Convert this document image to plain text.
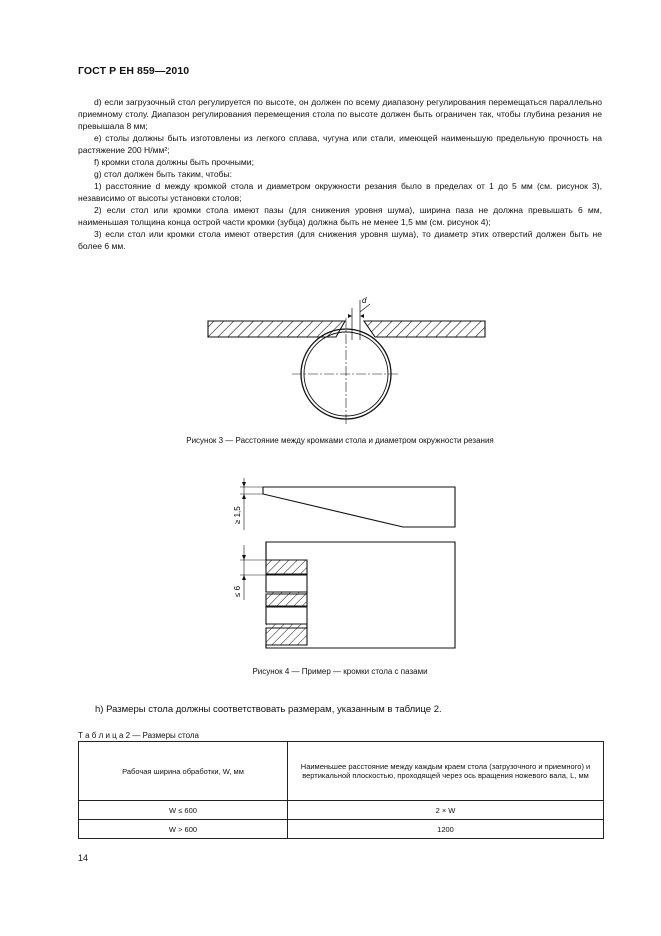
ГОСТ Р ЕН 859—2010

d) если загрузочный стол регулируется по высоте, он должен по всему диапазону регулирования перемещаться параллельно приемному столу. Диапазон регулирования перемещения стола по высоте должен быть ограничен так, чтобы глубина резания не превышала 8 мм;

e) столы должны быть изготовлены из легкого сплава, чугуна или стали, имеющей наименьшую предельную прочность на растяжение 200 Н/мм²;

f) кромки стола должны быть прочными;

g) стол должен быть таким, чтобы:

1) расстояние d между кромкой стола и диаметром окружности резания было в пределах от 1 до 5 мм (см. рисунок 3), независимо от высоты установки столов;

2) если стол или кромки стола имеют пазы (для снижения уровня шума), ширина паза не должна превышать 6 мм, наименьшая толщина конца острой части кромки (зубца) должна быть не менее 1,5 мм (см. рисунок 4);

3) если стол или кромки стола имеют отверстия (для снижения уровня шума), то диаметр этих отверстий должен быть не более 6 мм.

d
Рисунок 3 — Расстояние между кромками стола и диаметром окружности резания
≥ 1,5
≤ 6
Рисунок 4 — Пример — кромки стола с пазами
h) Размеры стола должны соответствовать размерам, указанным в таблице 2.
Т а б л и ц а 2 — Размеры стола
Рабочая ширина обработки, W, мм	Наименьшее расстояние между каждым краем стола (загрузочного и приемного) и вертикальной плоскостью, проходящей через ось вращения ножевого вала, L, мм
W ≤ 600	2 × W
W > 600	1200
14
